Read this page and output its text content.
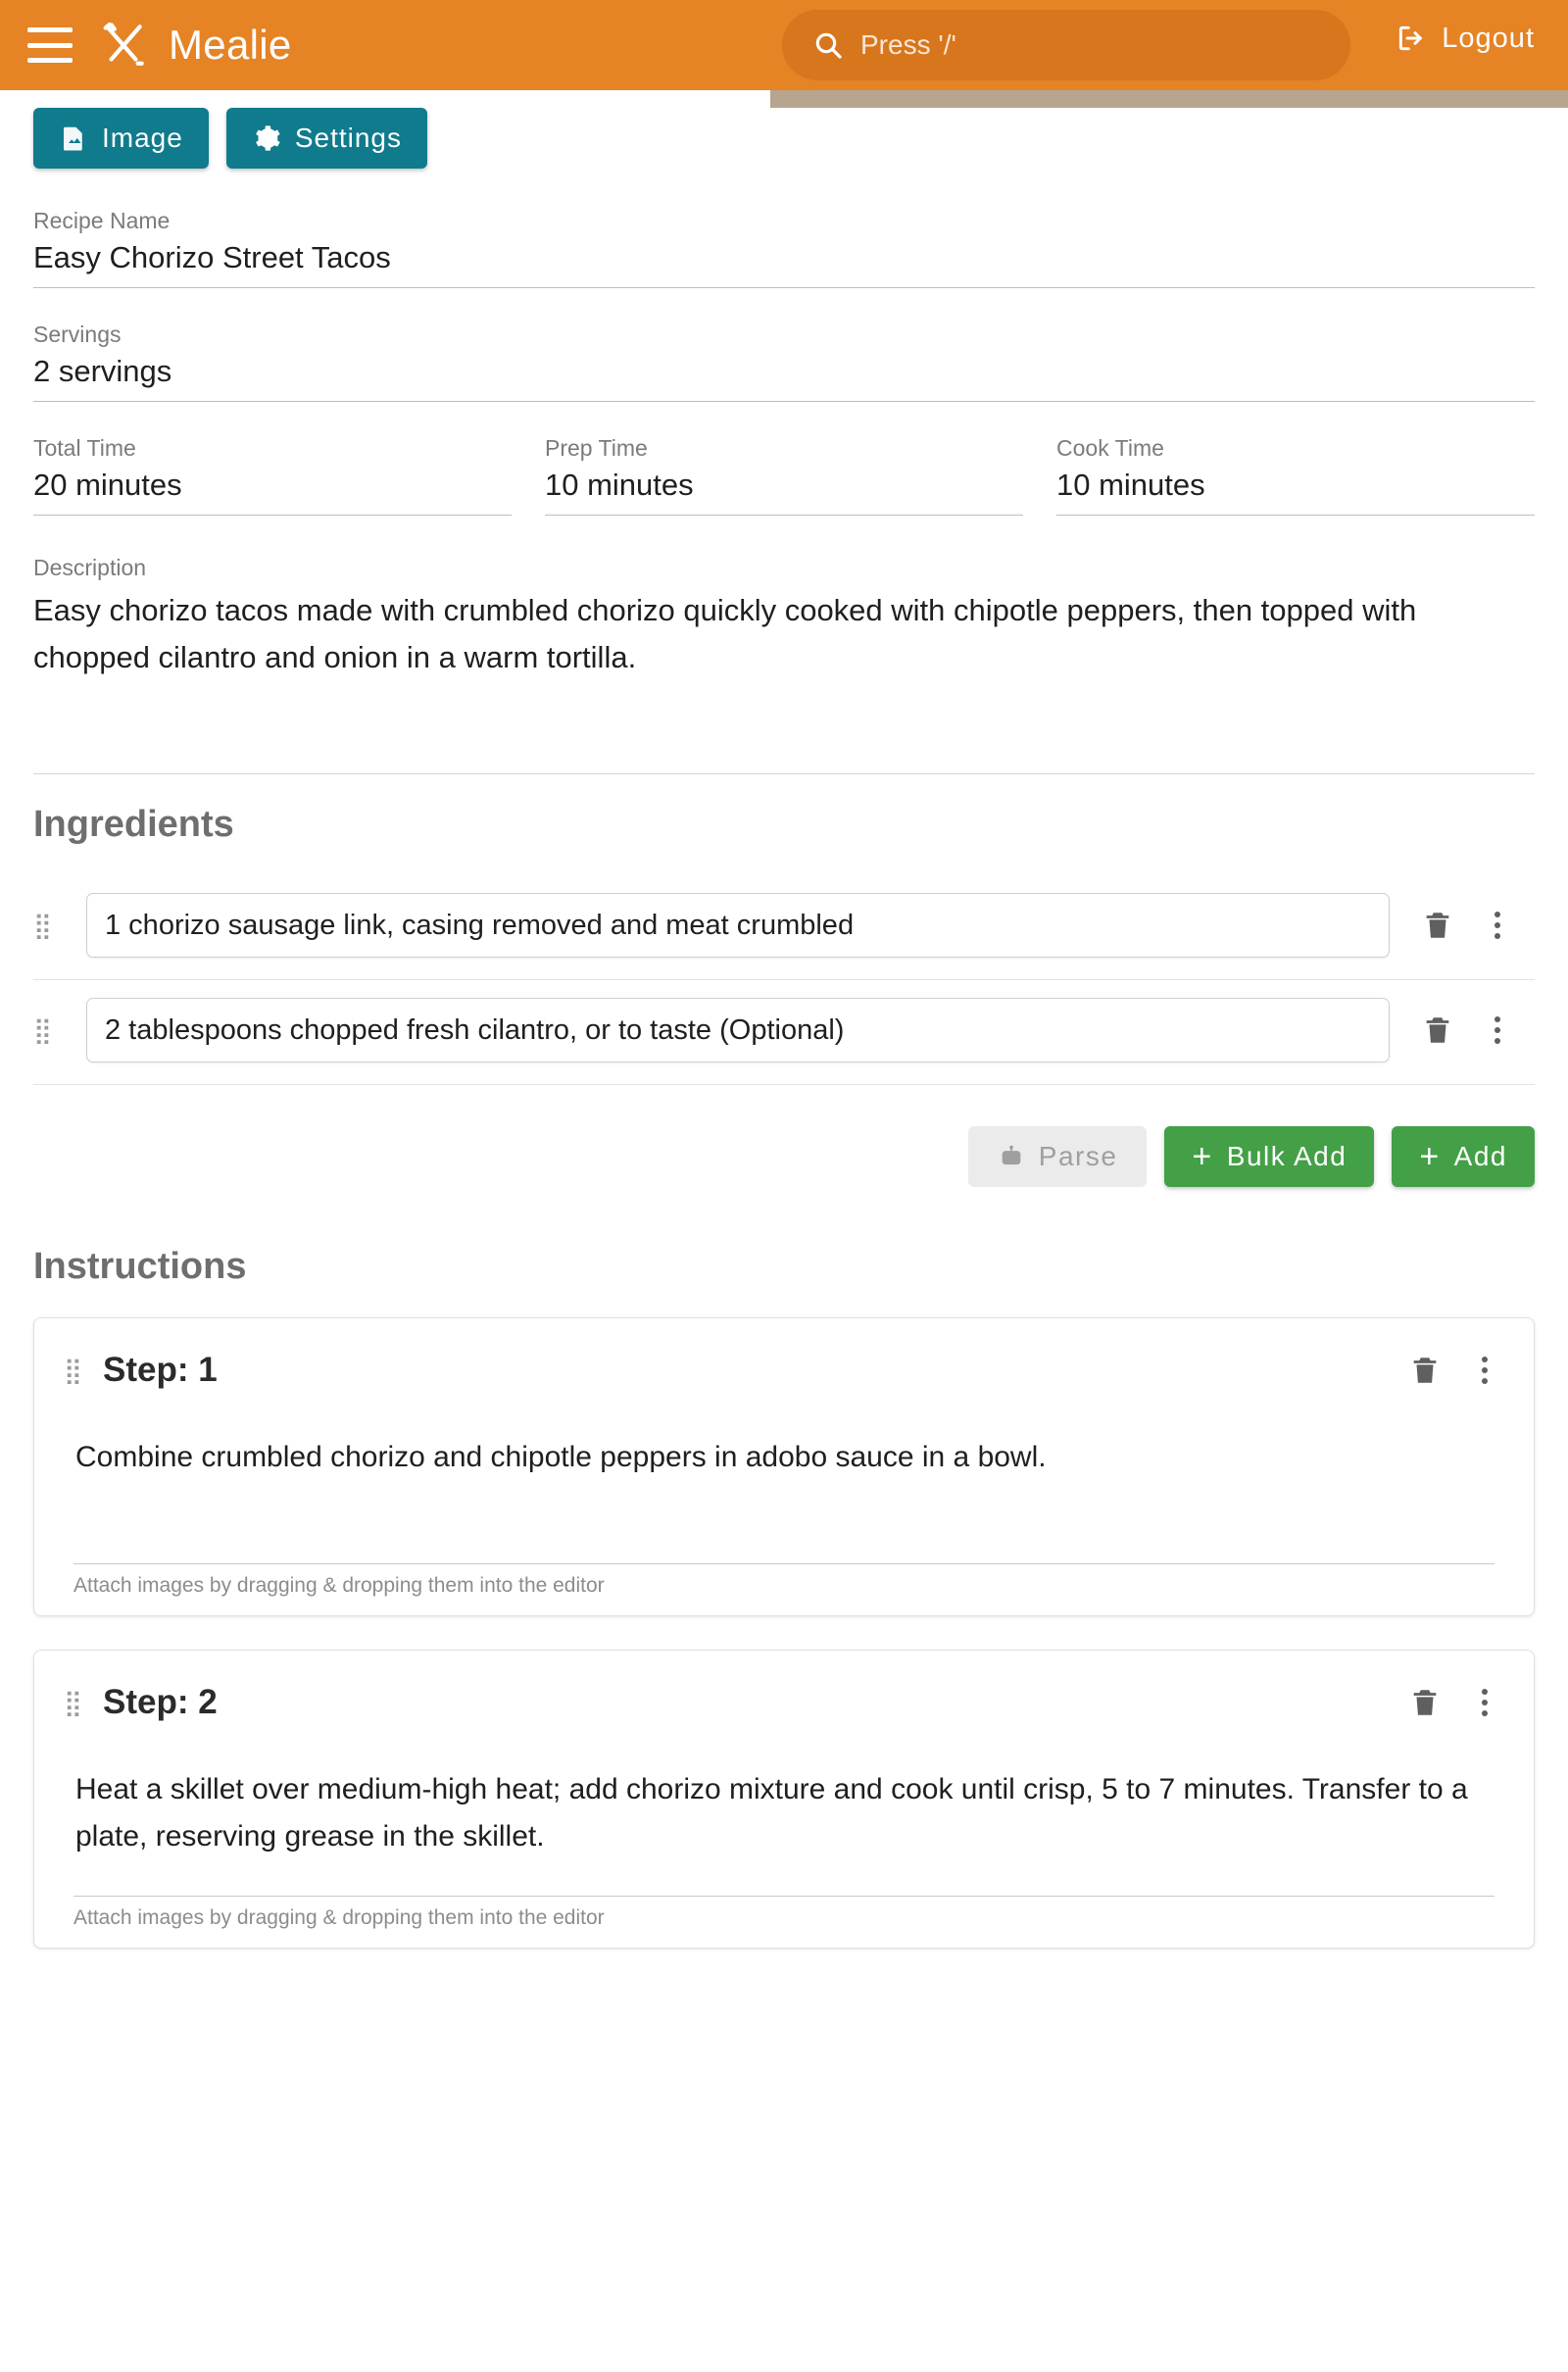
Mealie	Press '/'	Logout
Image	Settings
Recipe Name
Easy Chorizo Street Tacos
Servings
2 servings
Total Time
20 minutes
Prep Time
10 minutes
Cook Time
10 minutes
Description
Easy chorizo tacos made with crumbled chorizo quickly cooked with chipotle peppers, then topped with chopped cilantro and onion in a warm tortilla.
Ingredients
⣿	1 chorizo sausage link, casing removed and meat crumbled
⣿	2 tablespoons chopped fresh cilantro, or to taste (Optional)
Parse + Bulk Add + Add
Instructions
⣿ Step: 1
Combine crumbled chorizo and chipotle peppers in adobo sauce in a bowl.
Attach images by dragging & dropping them into the editor
⣿ Step: 2
Heat a skillet over medium-high heat; add chorizo mixture and cook until crisp, 5 to 7 minutes. Transfer to a plate, reserving grease in the skillet.
Attach images by dragging & dropping them into the editor
